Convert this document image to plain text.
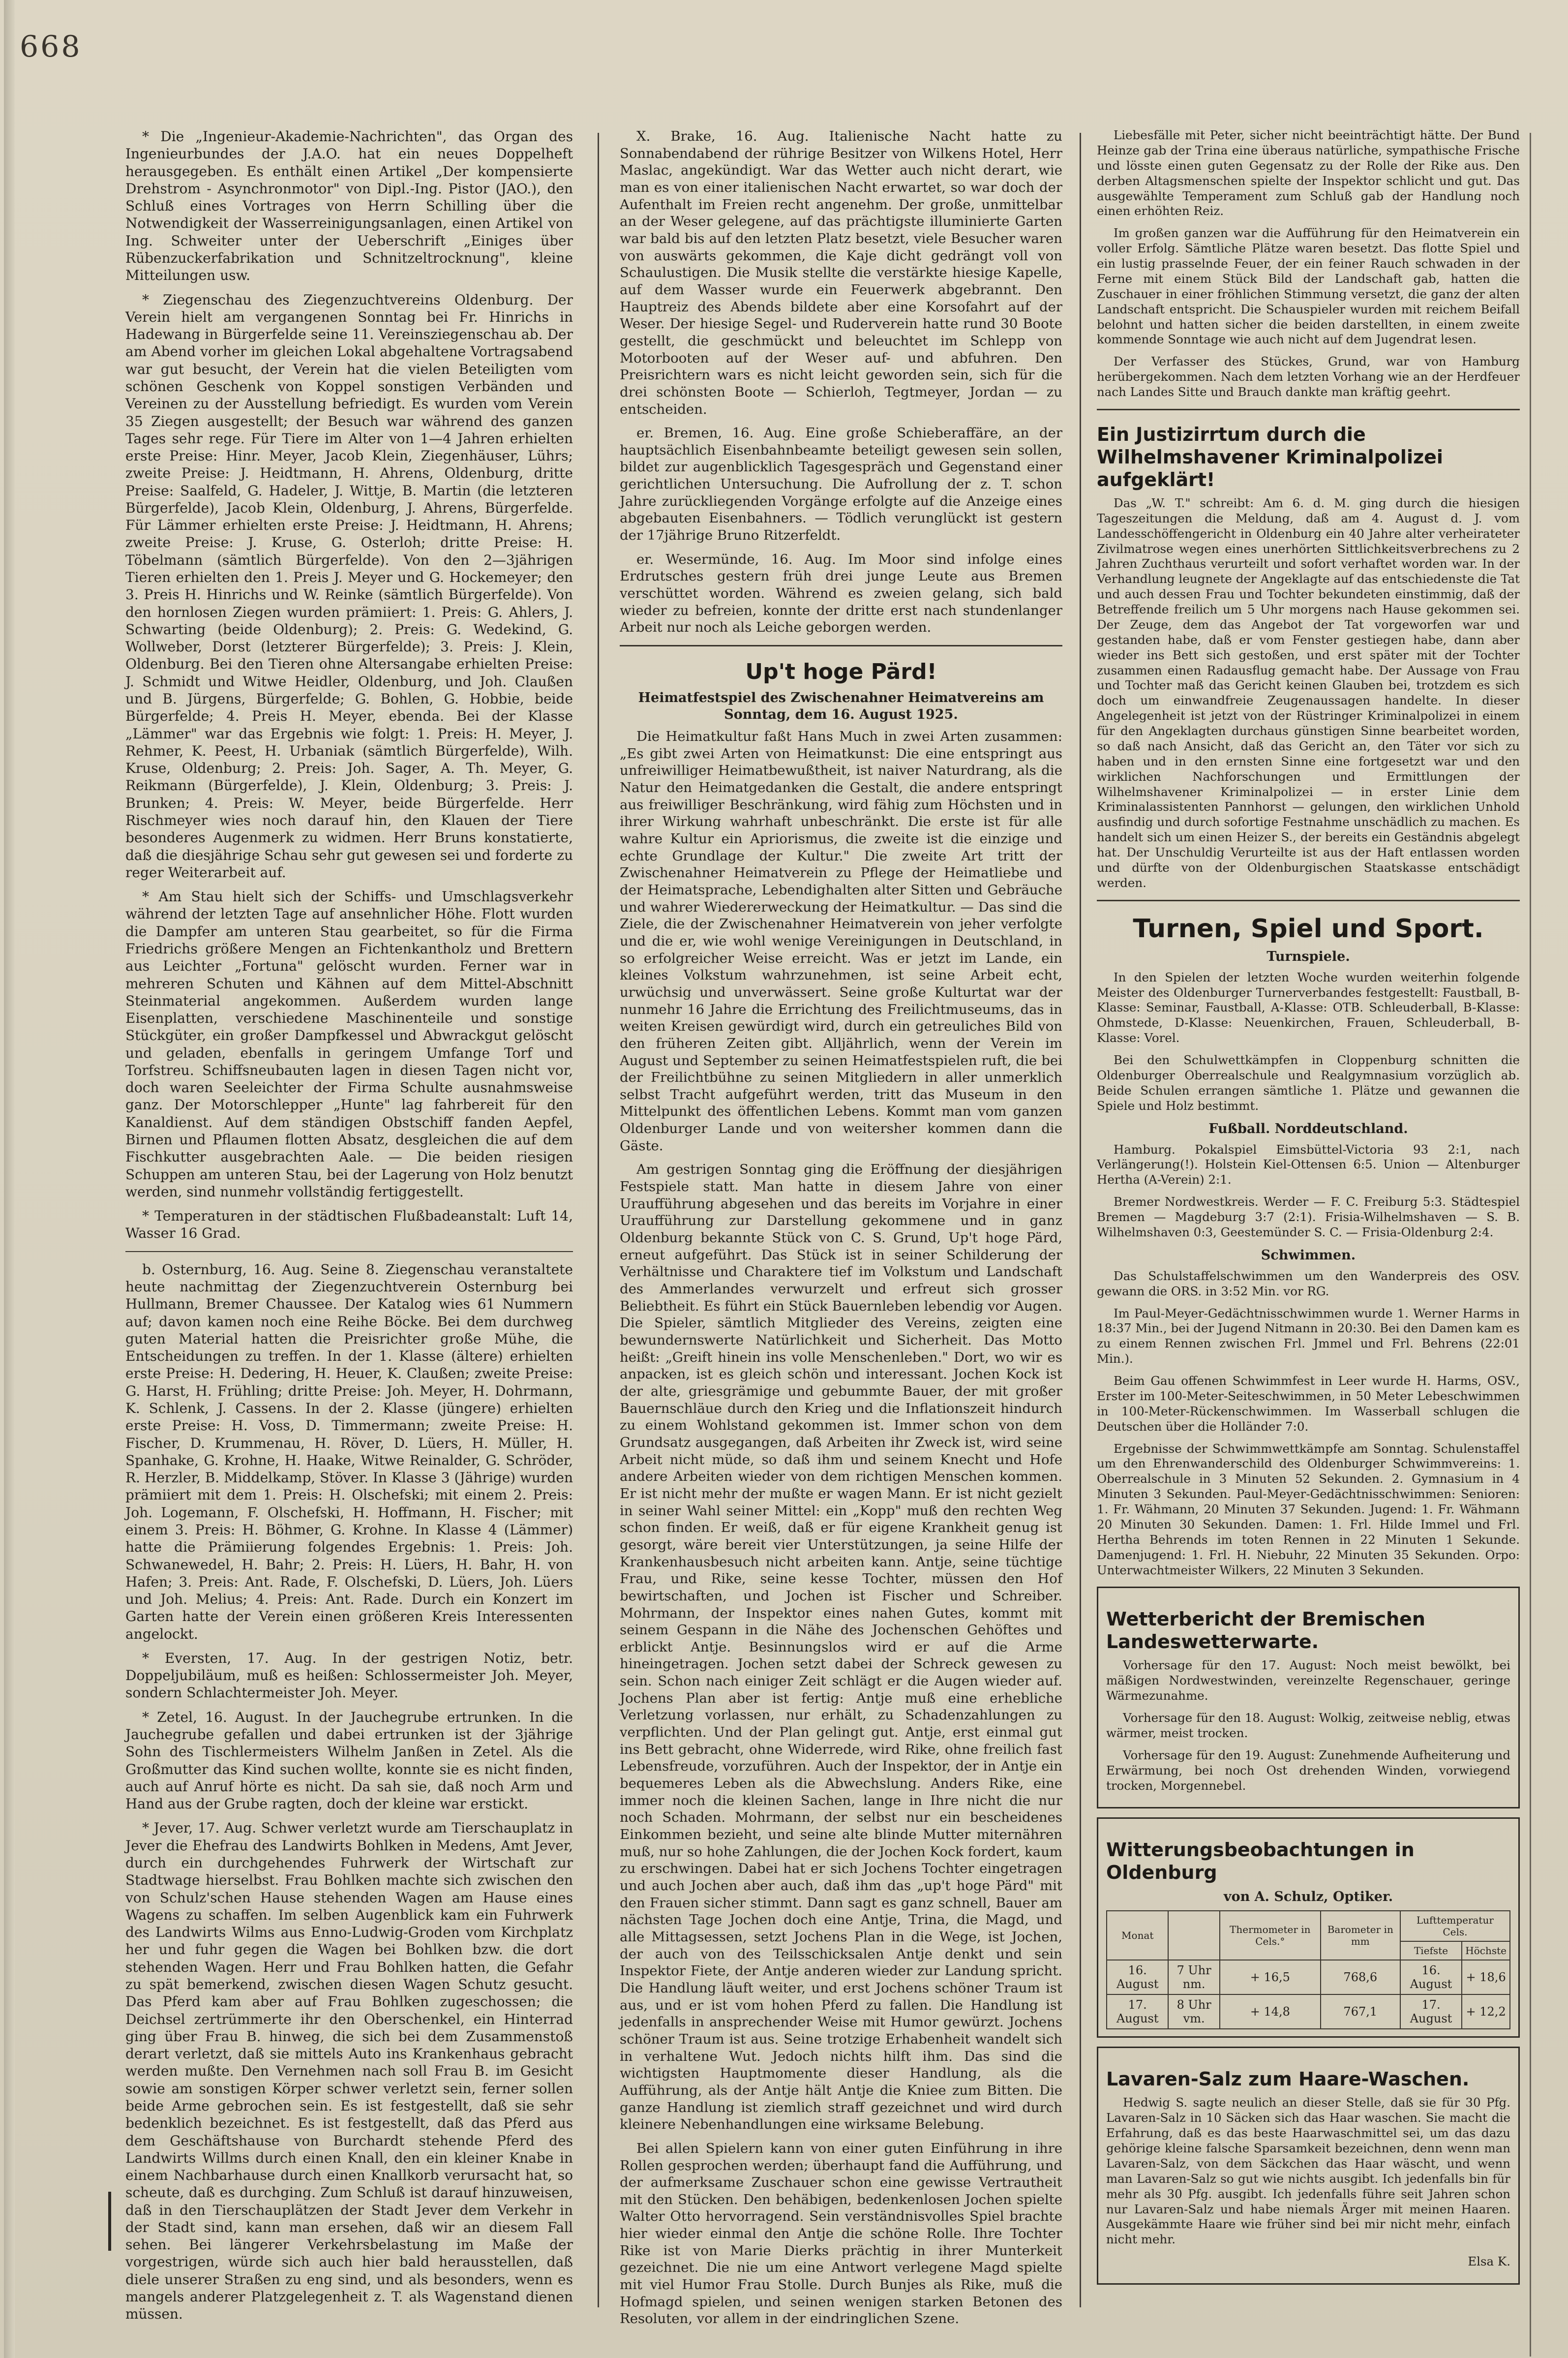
668

* Die „Ingenieur-Akademie-Nachrichten", das Organ des Ingenieurbundes der J.A.O. hat ein neues Doppelheft herausgegeben. Es enthält einen Artikel „Der kompensierte Drehstrom - Asynchronmotor" von Dipl.-Ing. Pistor (JAO.), den Schluß eines Vortrages von Herrn Schilling über die Notwendigkeit der Wasserreinigungsanlagen, einen Artikel von Ing. Schweiter unter der Ueberschrift „Einiges über Rübenzuckerfabrikation und Schnitzeltrocknung", kleine Mitteilungen usw.

* Ziegenschau des Ziegenzuchtvereins Oldenburg. Der Verein hielt am vergangenen Sonntag bei Fr. Hinrichs in Hadewang in Bürgerfelde seine 11. Vereinsziegenschau ab. Der am Abend vorher im gleichen Lokal abgehaltene Vortragsabend war gut besucht, der Verein hat die vielen Beteiligten vom schönen Geschenk von Koppel sonstigen Verbänden und Vereinen zu der Ausstellung befriedigt. Es wurden vom Verein 35 Ziegen ausgestellt; der Besuch war während des ganzen Tages sehr rege. Für Tiere im Alter von 1—4 Jahren erhielten erste Preise: Hinr. Meyer, Jacob Klein, Ziegenhäuser, Lührs; zweite Preise: J. Heidtmann, H. Ahrens, Oldenburg, dritte Preise: Saalfeld, G. Hadeler, J. Wittje, B. Martin (die letzteren Bürgerfelde), Jacob Klein, Oldenburg, J. Ahrens, Bürgerfelde. Für Lämmer erhielten erste Preise: J. Heidtmann, H. Ahrens; zweite Preise: J. Kruse, G. Osterloh; dritte Preise: H. Töbelmann (sämtlich Bürgerfelde). Von den 2—3jährigen Tieren erhielten den 1. Preis J. Meyer und G. Hockemeyer; den 3. Preis H. Hinrichs und W. Reinke (sämtlich Bürgerfelde). Von den hornlosen Ziegen wurden prämiiert: 1. Preis: G. Ahlers, J. Schwarting (beide Oldenburg); 2. Preis: G. Wedekind, G. Wollweber, Dorst (letzterer Bürgerfelde); 3. Preis: J. Klein, Oldenburg. Bei den Tieren ohne Altersangabe erhielten Preise: J. Schmidt und Witwe Heidler, Oldenburg, und Joh. Claußen und B. Jürgens, Bürgerfelde; G. Bohlen, G. Hobbie, beide Bürgerfelde; 4. Preis H. Meyer, ebenda. Bei der Klasse „Lämmer" war das Ergebnis wie folgt: 1. Preis: H. Meyer, J. Rehmer, K. Peest, H. Urbaniak (sämtlich Bürgerfelde), Wilh. Kruse, Oldenburg; 2. Preis: Joh. Sager, A. Th. Meyer, G. Reikmann (Bürgerfelde), J. Klein, Oldenburg; 3. Preis: J. Brunken; 4. Preis: W. Meyer, beide Bürgerfelde. Herr Rischmeyer wies noch darauf hin, den Klauen der Tiere besonderes Augenmerk zu widmen. Herr Bruns konstatierte, daß die diesjährige Schau sehr gut gewesen sei und forderte zu reger Weiterarbeit auf.

* Am Stau hielt sich der Schiffs- und Umschlagsverkehr während der letzten Tage auf ansehnlicher Höhe. Flott wurden die Dampfer am unteren Stau gearbeitet, so für die Firma Friedrichs größere Mengen an Fichtenkantholz und Brettern aus Leichter „Fortuna" gelöscht wurden. Ferner war in mehreren Schuten und Kähnen auf dem Mittel-Abschnitt Steinmaterial angekommen. Außerdem wurden lange Eisenplatten, verschiedene Maschinenteile und sonstige Stückgüter, ein großer Dampfkessel und Abwrackgut gelöscht und geladen, ebenfalls in geringem Umfange Torf und Torfstreu. Schiffsneubauten lagen in diesen Tagen nicht vor, doch waren Seeleichter der Firma Schulte ausnahmsweise ganz. Der Motorschlepper „Hunte" lag fahrbereit für den Kanaldienst. Auf dem ständigen Obstschiff fanden Aepfel, Birnen und Pflaumen flotten Absatz, desgleichen die auf dem Fischkutter ausgebrachten Aale. — Die beiden riesigen Schuppen am unteren Stau, bei der Lagerung von Holz benutzt werden, sind nunmehr vollständig fertiggestellt.

* Temperaturen in der städtischen Flußbadeanstalt: Luft 14, Wasser 16 Grad.

b. Osternburg, 16. Aug. Seine 8. Ziegenschau veranstaltete heute nachmittag der Ziegenzuchtverein Osternburg bei Hullmann, Bremer Chaussee. Der Katalog wies 61 Nummern auf; davon kamen noch eine Reihe Böcke. Bei dem durchweg guten Material hatten die Preisrichter große Mühe, die Entscheidungen zu treffen. In der 1. Klasse (ältere) erhielten erste Preise: H. Dedering, H. Heuer, K. Claußen; zweite Preise: G. Harst, H. Frühling; dritte Preise: Joh. Meyer, H. Dohrmann, K. Schlenk, J. Cassens. In der 2. Klasse (jüngere) erhielten erste Preise: H. Voss, D. Timmermann; zweite Preise: H. Fischer, D. Krummenau, H. Röver, D. Lüers, H. Müller, H. Spanhake, G. Krohne, H. Haake, Witwe Reinalder, G. Schröder, R. Herzler, B. Middelkamp, Stöver. In Klasse 3 (Jährige) wurden prämiiert mit dem 1. Preis: H. Olschefski; mit einem 2. Preis: Joh. Logemann, F. Olschefski, H. Hoffmann, H. Fischer; mit einem 3. Preis: H. Böhmer, G. Krohne. In Klasse 4 (Lämmer) hatte die Prämiierung folgendes Ergebnis: 1. Preis: Joh. Schwanewedel, H. Bahr; 2. Preis: H. Lüers, H. Bahr, H. von Hafen; 3. Preis: Ant. Rade, F. Olschefski, D. Lüers, Joh. Lüers und Joh. Melius; 4. Preis: Ant. Rade. Durch ein Konzert im Garten hatte der Verein einen größeren Kreis Interessenten angelockt.

* Eversten, 17. Aug. In der gestrigen Notiz, betr. Doppeljubiläum, muß es heißen: Schlossermeister Joh. Meyer, sondern Schlachtermeister Joh. Meyer.

* Zetel, 16. August. In der Jauchegrube ertrunken. In die Jauchegrube gefallen und dabei ertrunken ist der 3jährige Sohn des Tischlermeisters Wilhelm Janßen in Zetel. Als die Großmutter das Kind suchen wollte, konnte sie es nicht finden, auch auf Anruf hörte es nicht. Da sah sie, daß noch Arm und Hand aus der Grube ragten, doch der kleine war erstickt.

* Jever, 17. Aug. Schwer verletzt wurde am Tierschauplatz in Jever die Ehefrau des Landwirts Bohlken in Medens, Amt Jever, durch ein durchgehendes Fuhrwerk der Wirtschaft zur Stadtwage hierselbst. Frau Bohlken machte sich zwischen den von Schulz'schen Hause stehenden Wagen am Hause eines Wagens zu schaffen. Im selben Augenblick kam ein Fuhrwerk des Landwirts Wilms aus Enno-Ludwig-Groden vom Kirchplatz her und fuhr gegen die Wagen bei Bohlken bzw. die dort stehenden Wagen. Herr und Frau Bohlken hatten, die Gefahr zu spät bemerkend, zwischen diesen Wagen Schutz gesucht. Das Pferd kam aber auf Frau Bohlken zugeschossen; die Deichsel zertrümmerte ihr den Oberschenkel, ein Hinterrad ging über Frau B. hinweg, die sich bei dem Zusammenstoß derart verletzt, daß sie mittels Auto ins Krankenhaus gebracht werden mußte. Den Vernehmen nach soll Frau B. im Gesicht sowie am sonstigen Körper schwer verletzt sein, ferner sollen beide Arme gebrochen sein. Es ist festgestellt, daß sie sehr bedenklich bezeichnet. Es ist festgestellt, daß das Pferd aus dem Geschäftshause von Burchardt stehende Pferd des Landwirts Willms durch einen Knall, den ein kleiner Knabe in einem Nachbarhause durch einen Knallkorb verursacht hat, so scheute, daß es durchging. Zum Schluß ist darauf hinzuweisen, daß in den Tierschauplätzen der Stadt Jever dem Verkehr in der Stadt sind, kann man ersehen, daß wir an diesem Fall sehen. Bei längerer Verkehrsbelastung im Maße der vorgestrigen, würde sich auch hier bald herausstellen, daß diele unserer Straßen zu eng sind, und als besonders, wenn es mangels anderer Platzgelegenheit z. T. als Wagenstand dienen müssen.

X. Brake, 16. Aug. Italienische Nacht hatte zu Sonnabendabend der rührige Besitzer von Wilkens Hotel, Herr Maslac, angekündigt. War das Wetter auch nicht derart, wie man es von einer italienischen Nacht erwartet, so war doch der Aufenthalt im Freien recht angenehm. Der große, unmittelbar an der Weser gelegene, auf das prächtigste illuminierte Garten war bald bis auf den letzten Platz besetzt, viele Besucher waren von auswärts gekommen, die Kaje dicht gedrängt voll von Schaulustigen. Die Musik stellte die verstärkte hiesige Kapelle, auf dem Wasser wurde ein Feuerwerk abgebrannt. Den Hauptreiz des Abends bildete aber eine Korsofahrt auf der Weser. Der hiesige Segel- und Ruderverein hatte rund 30 Boote gestellt, die geschmückt und beleuchtet im Schlepp von Motorbooten auf der Weser auf- und abfuhren. Den Preisrichtern wars es nicht leicht geworden sein, sich für die drei schönsten Boote — Schierloh, Tegtmeyer, Jordan — zu entscheiden.

er. Bremen, 16. Aug. Eine große Schieberaffäre, an der hauptsächlich Eisenbahnbeamte beteiligt gewesen sein sollen, bildet zur augenblicklich Tagesgespräch und Gegenstand einer gerichtlichen Untersuchung. Die Aufrollung der z. T. schon Jahre zurückliegenden Vorgänge erfolgte auf die Anzeige eines abgebauten Eisenbahners. — Tödlich verunglückt ist gestern der 17jährige Bruno Ritzerfeldt.

er. Wesermünde, 16. Aug. Im Moor sind infolge eines Erdrutsches gestern früh drei junge Leute aus Bremen verschüttet worden. Während es zweien gelang, sich bald wieder zu befreien, konnte der dritte erst nach stundenlanger Arbeit nur noch als Leiche geborgen werden.

Up't hoge Pärd!
Heimatfestspiel des Zwischenahner Heimatvereins am Sonntag, dem 16. August 1925.

Die Heimatkultur faßt Hans Much in zwei Arten zusammen: „Es gibt zwei Arten von Heimatkunst: Die eine entspringt aus unfreiwilliger Heimatbewußtheit, ist naiver Naturdrang, als die Natur den Heimatgedanken die Gestalt, die andere entspringt aus freiwilliger Beschränkung, wird fähig zum Höchsten und in ihrer Wirkung wahrhaft unbeschränkt. Die erste ist für alle wahre Kultur ein Apriorismus, die zweite ist die einzige und echte Grundlage der Kultur." Die zweite Art tritt der Zwischenahner Heimatverein zu Pflege der Heimatliebe und der Heimatsprache, Lebendighalten alter Sitten und Gebräuche und wahrer Wiedererweckung der Heimatkultur. — Das sind die Ziele, die der Zwischenahner Heimatverein von jeher verfolgte und die er, wie wohl wenige Vereinigungen in Deutschland, in so erfolgreicher Weise erreicht. Was er jetzt im Lande, ein kleines Volkstum wahrzunehmen, ist seine Arbeit echt, urwüchsig und unverwässert. Seine große Kulturtat war der nunmehr 16 Jahre die Errichtung des Freilichtmuseums, das in weiten Kreisen gewürdigt wird, durch ein getreuliches Bild von den früheren Zeiten gibt. Alljährlich, wenn der Verein im August und September zu seinen Heimatfestspielen ruft, die bei der Freilichtbühne zu seinen Mitgliedern in aller unmerklich selbst Tracht aufgeführt werden, tritt das Museum in den Mittelpunkt des öffentlichen Lebens. Kommt man vom ganzen Oldenburger Lande und von weitersher kommen dann die Gäste.

Am gestrigen Sonntag ging die Eröffnung der diesjährigen Festspiele statt. Man hatte in diesem Jahre von einer Uraufführung abgesehen und das bereits im Vorjahre in einer Uraufführung zur Darstellung gekommene und in ganz Oldenburg bekannte Stück von C. S. Grund, Up't hoge Pärd, erneut aufgeführt. Das Stück ist in seiner Schilderung der Verhältnisse und Charaktere tief im Volkstum und Landschaft des Ammerlandes verwurzelt und erfreut sich grosser Beliebtheit. Es führt ein Stück Bauernleben lebendig vor Augen. Die Spieler, sämtlich Mitglieder des Vereins, zeigten eine bewundernswerte Natürlichkeit und Sicherheit. Das Motto heißt: „Greift hinein ins volle Menschenleben." Dort, wo wir es anpacken, ist es gleich schön und interessant. Jochen Kock ist der alte, griesgrämige und gebummte Bauer, der mit großer Bauernschläue durch den Krieg und die Inflationszeit hindurch zu einem Wohlstand gekommen ist. Immer schon von dem Grundsatz ausgegangen, daß Arbeiten ihr Zweck ist, wird seine Arbeit nicht müde, so daß ihm und seinem Knecht und Hofe andere Arbeiten wieder von dem richtigen Menschen kommen. Er ist nicht mehr der mußte er wagen Mann. Er ist nicht gezielt in seiner Wahl seiner Mittel: ein „Kopp" muß den rechten Weg schon finden. Er weiß, daß er für eigene Krankheit genug ist gesorgt, wäre bereit vier Unterstützungen, ja seine Hilfe der Krankenhausbesuch nicht arbeiten kann. Antje, seine tüchtige Frau, und Rike, seine kesse Tochter, müssen den Hof bewirtschaften, und Jochen ist Fischer und Schreiber. Mohrmann, der Inspektor eines nahen Gutes, kommt mit seinem Gespann in die Nähe des Jochenschen Gehöftes und erblickt Antje. Besinnungslos wird er auf die Arme hineingetragen. Jochen setzt dabei der Schreck gewesen zu sein. Schon nach einiger Zeit schlägt er die Augen wieder auf. Jochens Plan aber ist fertig: Antje muß eine erhebliche Verletzung vorlassen, nur erhält, zu Schadenzahlungen zu verpflichten. Und der Plan gelingt gut. Antje, erst einmal gut ins Bett gebracht, ohne Widerrede, wird Rike, ohne freilich fast Lebensfreude, vorzuführen. Auch der Inspektor, der in Antje ein bequemeres Leben als die Abwechslung. Anders Rike, eine immer noch die kleinen Sachen, lange in Ihre nicht die nur noch Schaden. Mohrmann, der selbst nur ein bescheidenes Einkommen bezieht, und seine alte blinde Mutter miternähren muß, nur so hohe Zahlungen, die der Jochen Kock fordert, kaum zu erschwingen. Dabei hat er sich Jochens Tochter eingetragen und auch Jochen aber auch, daß ihm das „up't hoge Pärd" mit den Frauen sicher stimmt. Dann sagt es ganz schnell, Bauer am nächsten Tage Jochen doch eine Antje, Trina, die Magd, und alle Mittagsessen, setzt Jochens Plan in die Wege, ist Jochen, der auch von des Teilsschicksalen Antje denkt und sein Inspektor Fiete, der Antje anderen wieder zur Landung spricht. Die Handlung läuft weiter, und erst Jochens schöner Traum ist aus, und er ist vom hohen Pferd zu fallen. Die Handlung ist jedenfalls in ansprechender Weise mit Humor gewürzt. Jochens schöner Traum ist aus. Seine trotzige Erhabenheit wandelt sich in verhaltene Wut. Jedoch nichts hilft ihm. Das sind die wichtigsten Hauptmomente dieser Handlung, als die Aufführung, als der Antje hält Antje die Kniee zum Bitten. Die ganze Handlung ist ziemlich straff gezeichnet und wird durch kleinere Nebenhandlungen eine wirksame Belebung.

Bei allen Spielern kann von einer guten Einführung in ihre Rollen gesprochen werden; überhaupt fand die Aufführung, und der aufmerksame Zuschauer schon eine gewisse Vertrautheit mit den Stücken. Den behäbigen, bedenkenlosen Jochen spielte Walter Otto hervorragend. Sein verständnisvolles Spiel brachte hier wieder einmal den Antje die schöne Rolle. Ihre Tochter Rike ist von Marie Dierks prächtig in ihrer Munterkeit gezeichnet. Die nie um eine Antwort verlegene Magd spielte mit viel Humor Frau Stolle. Durch Bunjes als Rike, muß die Hofmagd spielen, und seinen wenigen starken Betonen des Resoluten, vor allem in der eindringlichen Szene.

Liebesfälle mit Peter, sicher nicht beeinträchtigt hätte. Der Bund Heinze gab der Trina eine überaus natürliche, sympathische Frische und lösste einen guten Gegensatz zu der Rolle der Rike aus. Den derben Altagsmenschen spielte der Inspektor schlicht und gut. Das ausgewählte Temperament zum Schluß gab der Handlung noch einen erhöhten Reiz.

Im großen ganzen war die Aufführung für den Heimatverein ein voller Erfolg. Sämtliche Plätze waren besetzt. Das flotte Spiel und ein lustig prasselnde Feuer, der ein feiner Rauch schwaden in der Ferne mit einem Stück Bild der Landschaft gab, hatten die Zuschauer in einer fröhlichen Stimmung versetzt, die ganz der alten Landschaft entspricht. Die Schauspieler wurden mit reichem Beifall belohnt und hatten sicher die beiden darstellten, in einem zweite kommende Sonntage wie auch nicht auf dem Jugendrat lesen.

Der Verfasser des Stückes, Grund, war von Hamburg herübergekommen. Nach dem letzten Vorhang wie an der Herdfeuer nach Landes Sitte und Brauch dankte man kräftig geehrt.

Ein Justizirrtum durch die Wilhelmshavener Kriminalpolizei aufgeklärt!

Das „W. T." schreibt: Am 6. d. M. ging durch die hiesigen Tageszeitungen die Meldung, daß am 4. August d. J. vom Landesschöffengericht in Oldenburg ein 40 Jahre alter verheirateter Zivilmatrose wegen eines unerhörten Sittlichkeitsverbrechens zu 2 Jahren Zuchthaus verurteilt und sofort verhaftet worden war. In der Verhandlung leugnete der Angeklagte auf das entschiedenste die Tat und auch dessen Frau und Tochter bekundeten einstimmig, daß der Betreffende freilich um 5 Uhr morgens nach Hause gekommen sei. Der Zeuge, dem das Angebot der Tat vorgeworfen war und gestanden habe, daß er vom Fenster gestiegen habe, dann aber wieder ins Bett sich gestoßen, und erst später mit der Tochter zusammen einen Radausflug gemacht habe. Der Aussage von Frau und Tochter maß das Gericht keinen Glauben bei, trotzdem es sich doch um einwandfreie Zeugenaussagen handelte. In dieser Angelegenheit ist jetzt von der Rüstringer Kriminalpolizei in einem für den Angeklagten durchaus günstigen Sinne bearbeitet worden, so daß nach Ansicht, daß das Gericht an, den Täter vor sich zu haben und in den ernsten Sinne eine fortgesetzt war und den wirklichen Nachforschungen und Ermittlungen der Wilhelmshavener Kriminalpolizei — in erster Linie dem Kriminalassistenten Pannhorst — gelungen, den wirklichen Unhold ausfindig und durch sofortige Festnahme unschädlich zu machen. Es handelt sich um einen Heizer S., der bereits ein Geständnis abgelegt hat. Der Unschuldig Verurteilte ist aus der Haft entlassen worden und dürfte von der Oldenburgischen Staatskasse entschädigt werden.

Turnen, Spiel und Sport.
Turnspiele.

In den Spielen der letzten Woche wurden weiterhin folgende Meister des Oldenburger Turnerverbandes festgestellt: Faustball, B-Klasse: Seminar, Faustball, A-Klasse: OTB. Schleuderball, B-Klasse: Ohmstede, D-Klasse: Neuenkirchen, Frauen, Schleuderball, B-Klasse: Vorel.

Bei den Schulwettkämpfen in Cloppenburg schnitten die Oldenburger Oberrealschule und Realgymnasium vorzüglich ab. Beide Schulen errangen sämtliche 1. Plätze und gewannen die Spiele und Holz bestimmt.

Fußball. Norddeutschland.

Hamburg. Pokalspiel Eimsbüttel-Victoria 93 2:1, nach Verlängerung(!). Holstein Kiel-Ottensen 6:5. Union — Altenburger Hertha (A-Verein) 2:1.

Bremer Nordwestkreis. Werder — F. C. Freiburg 5:3. Städtespiel Bremen — Magdeburg 3:7 (2:1). Frisia-Wilhelmshaven — S. B. Wilhelmshaven 0:3, Geestemünder S. C. — Frisia-Oldenburg 2:4.

Schwimmen.

Das Schulstaffelschwimmen um den Wanderpreis des OSV. gewann die ORS. in 3:52 Min. vor RG.

Im Paul-Meyer-Gedächtnisschwimmen wurde 1. Werner Harms in 18:37 Min., bei der Jugend Nitmann in 20:30. Bei den Damen kam es zu einem Rennen zwischen Frl. Jmmel und Frl. Behrens (22:01 Min.).

Beim Gau offenen Schwimmfest in Leer wurde H. Harms, OSV., Erster im 100-Meter-Seiteschwimmen, in 50 Meter Lebeschwimmen in 100-Meter-Rückenschwimmen. Im Wasserball schlugen die Deutschen über die Holländer 7:0.

Ergebnisse der Schwimmwettkämpfe am Sonntag. Schulenstaffel um den Ehrenwanderschild des Oldenburger Schwimmvereins: 1. Oberrealschule in 3 Minuten 52 Sekunden. 2. Gymnasium in 4 Minuten 3 Sekunden. Paul-Meyer-Gedächtnisschwimmen: Senioren: 1. Fr. Wähmann, 20 Minuten 37 Sekunden. Jugend: 1. Fr. Wähmann 20 Minuten 30 Sekunden. Damen: 1. Frl. Hilde Immel und Frl. Hertha Behrends im toten Rennen in 22 Minuten 1 Sekunde. Damenjugend: 1. Frl. H. Niebuhr, 22 Minuten 35 Sekunden. Orpo: Unterwachtmeister Wilkers, 22 Minuten 3 Sekunden.

Wetterbericht der Bremischen Landeswetterwarte.

Vorhersage für den 17. August: Noch meist bewölkt, bei mäßigen Nordwestwinden, vereinzelte Regenschauer, geringe Wärmezunahme.

Vorhersage für den 18. August: Wolkig, zeitweise neblig, etwas wärmer, meist trocken.

Vorhersage für den 19. August: Zunehmende Aufheiterung und Erwärmung, bei noch Ost drehenden Winden, vorwiegend trocken, Morgennebel.

Witterungsbeobachtungen in Oldenburg
von A. Schulz, Optiker.
Monat		Thermometer in Cels.°	Barometer in mm	Lufttemperatur Cels.	
				Tiefste	Höchste
16. August	7 Uhr nm.	+ 16,5	768,6	16. August	+ 18,6
17. August	8 Uhr vm.	+ 14,8	767,1	17. August	+ 12,2
Lavaren-Salz zum Haare-Waschen.

Hedwig S. sagte neulich an dieser Stelle, daß sie für 30 Pfg. Lavaren-Salz in 10 Säcken sich das Haar waschen. Sie macht die Erfahrung, daß es das beste Haarwaschmittel sei, um das dazu gehörige kleine falsche Sparsamkeit bezeichnen, denn wenn man Lavaren-Salz, von dem Säckchen das Haar wäscht, und wenn man Lavaren-Salz so gut wie nichts ausgibt. Ich jedenfalls bin für mehr als 30 Pfg. ausgibt. Ich jedenfalls führe seit Jahren schon nur Lavaren-Salz und habe niemals Ärger mit meinen Haaren. Ausgekämmte Haare wie früher sind bei mir nicht mehr, einfach nicht mehr.

Elsa K.
